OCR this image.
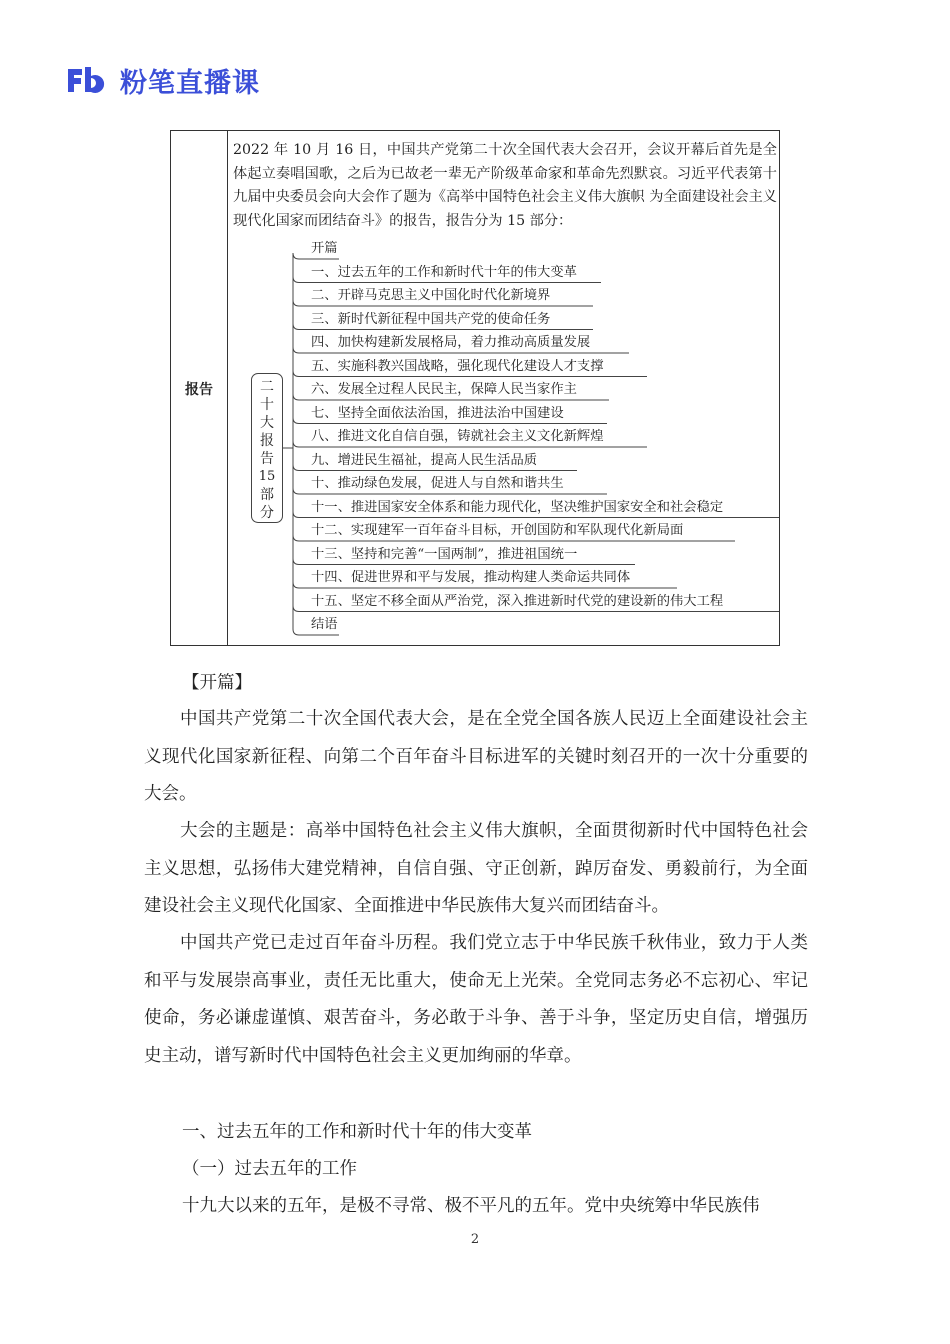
粉笔直播课
报告
2022 年 10 月 16 日，中国共产党第二十次全国代表大会召开，会议开幕后首先是全体起立奏唱国歌，之后为已故老一辈无产阶级革命家和革命先烈默哀。习近平代表第十九届中央委员会向大会作了题为《高举中国特色社会主义伟大旗帜 为全面建设社会主义现代化国家而团结奋斗》的报告，报告分为 15 部分：
二
十
大
报
告
15
部
分
开篇
一、过去五年的工作和新时代十年的伟大变革
二、开辟马克思主义中国化时代化新境界
三、新时代新征程中国共产党的使命任务
四、加快构建新发展格局，着力推动高质量发展
五、实施科教兴国战略，强化现代化建设人才支撑
六、发展全过程人民民主，保障人民当家作主
七、坚持全面依法治国，推进法治中国建设
八、推进文化自信自强，铸就社会主义文化新辉煌
九、增进民生福祉，提高人民生活品质
十、推动绿色发展，促进人与自然和谐共生
十一、推进国家安全体系和能力现代化，坚决维护国家安全和社会稳定
十二、实现建军一百年奋斗目标，开创国防和军队现代化新局面
十三、坚持和完善“一国两制”，推进祖国统一
十四、促进世界和平与发展，推动构建人类命运共同体
十五、坚定不移全面从严治党，深入推进新时代党的建设新的伟大工程
结语
【开篇】
中国共产党第二十次全国代表大会，是在全党全国各族人民迈上全面建设社会主义现代化国家新征程、向第二个百年奋斗目标进军的关键时刻召开的一次十分重要的大会。
大会的主题是：高举中国特色社会主义伟大旗帜，全面贯彻新时代中国特色社会主义思想，弘扬伟大建党精神，自信自强、守正创新，踔厉奋发、勇毅前行，为全面建设社会主义现代化国家、全面推进中华民族伟大复兴而团结奋斗。
中国共产党已走过百年奋斗历程。我们党立志于中华民族千秋伟业，致力于人类和平与发展崇高事业，责任无比重大，使命无上光荣。全党同志务必不忘初心、牢记使命，务必谦虚谨慎、艰苦奋斗，务必敢于斗争、善于斗争，坚定历史自信，增强历史主动，谱写新时代中国特色社会主义更加绚丽的华章。
一、过去五年的工作和新时代十年的伟大变革
（一）过去五年的工作
十九大以来的五年，是极不寻常、极不平凡的五年。党中央统筹中华民族伟
2
